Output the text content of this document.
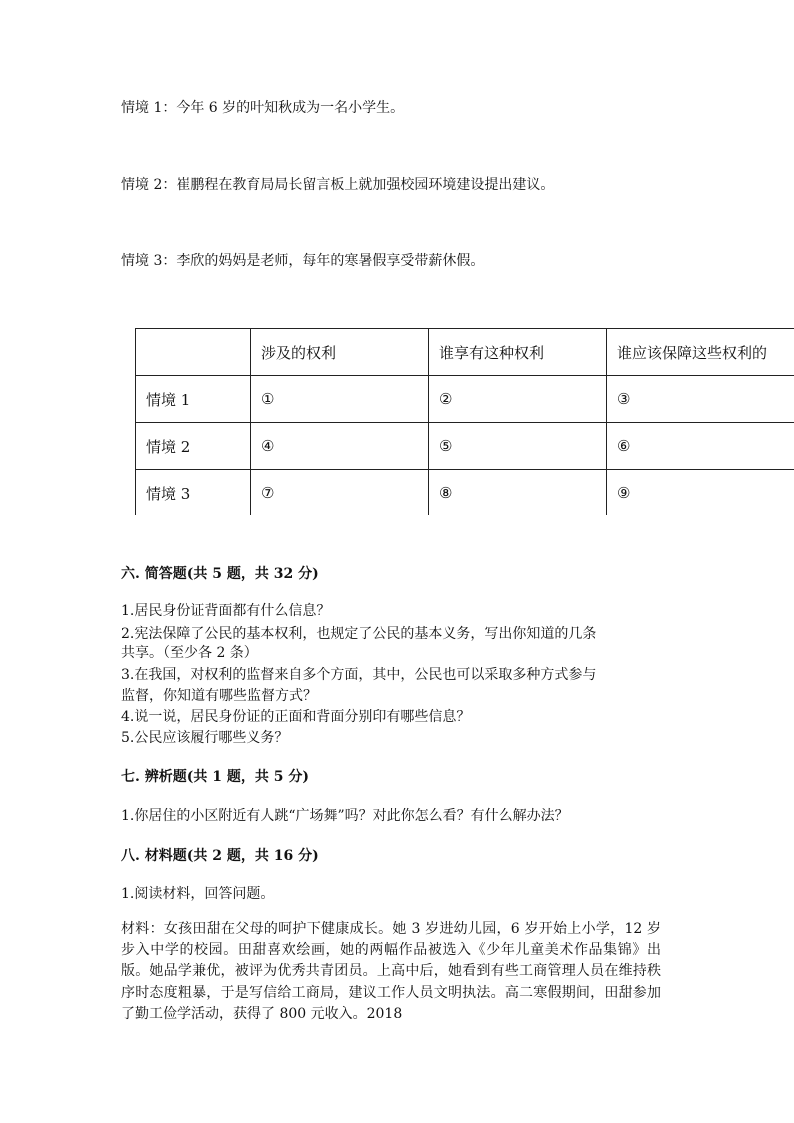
情境 1：今年 6 岁的叶知秋成为一名小学生。
情境 2：崔鹏程在教育局局长留言板上就加强校园环境建设提出建议。
情境 3：李欣的妈妈是老师，每年的寒暑假享受带薪休假。
	涉及的权利	谁享有这种权利	谁应该保障这些权利的
情境 1	①	②	③
情境 2	④	⑤	⑥
情境 3	⑦	⑧	⑨
六. 简答题(共 5 题，共 32 分)
1.居民身份证背面都有什么信息？
2.宪法保障了公民的基本权利，也规定了公民的基本义务，写出你知道的几条
共享。（至少各 2 条）
3.在我国，对权利的监督来自多个方面，其中，公民也可以采取多种方式参与
监督，你知道有哪些监督方式？
4.说一说，居民身份证的正面和背面分别印有哪些信息？
5.公民应该履行哪些义务？
七. 辨析题(共 1 题，共 5 分)
1.你居住的小区附近有人跳“广场舞”吗？对此你怎么看？有什么解办法？
八. 材料题(共 2 题，共 16 分)
1.阅读材料，回答问题。
材料：女孩田甜在父母的呵护下健康成长。她 3 岁进幼儿园，6 岁开始上小学，12 岁步入中学的校园。田甜喜欢绘画，她的两幅作品被选入《少年儿童美术作品集锦》出版。她品学兼优，被评为优秀共青团员。上高中后，她看到有些工商管理人员在维持秩序时态度粗暴，于是写信给工商局，建议工作人员文明执法。高二寒假期间，田甜参加了勤工俭学活动，获得了 800 元收入。2018
